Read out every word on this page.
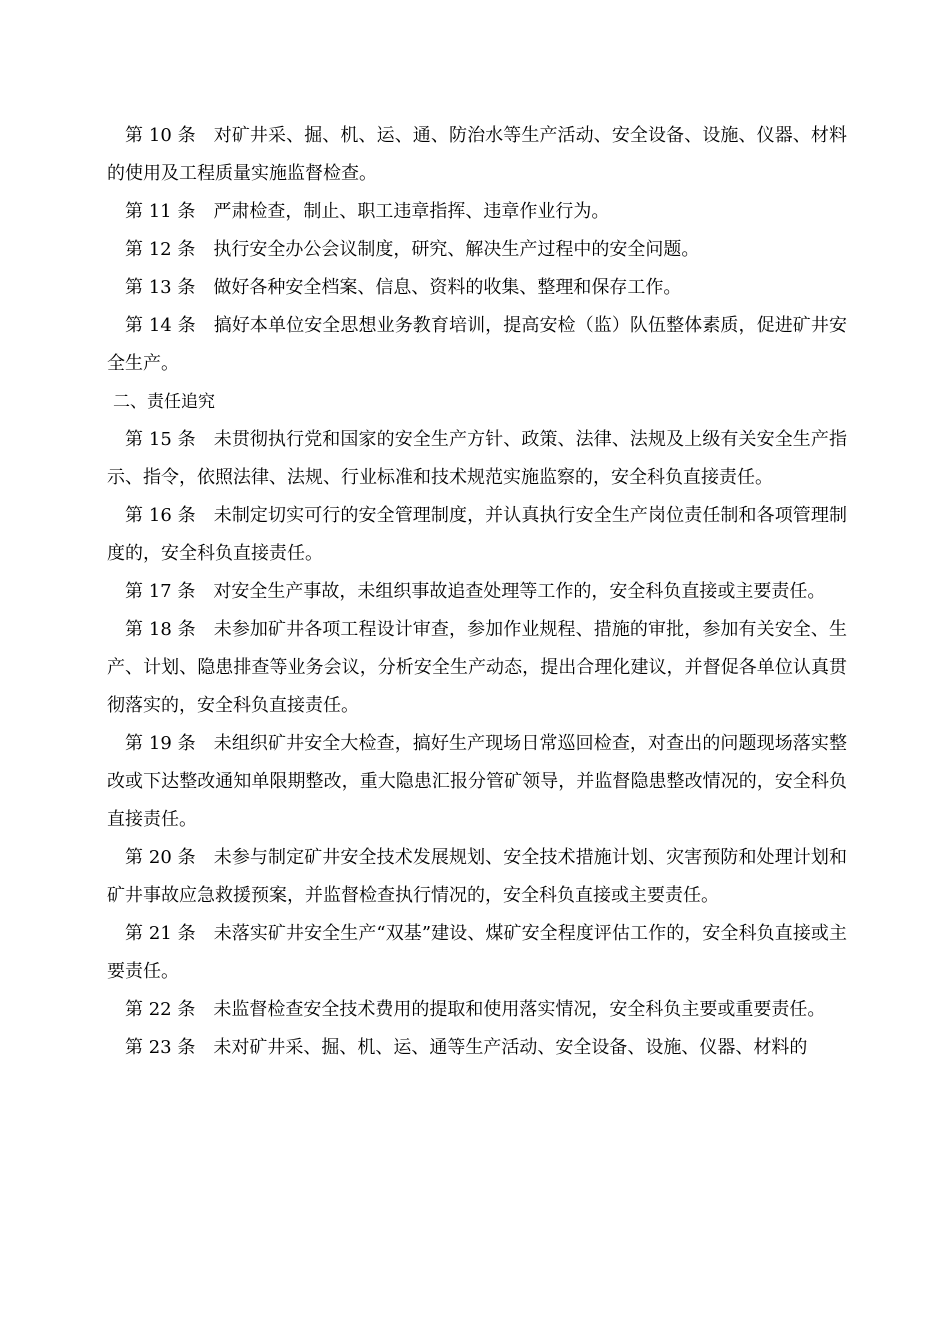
第 10 条 对矿井采、掘、机、运、通、防治水等生产活动、安全设备、设施、仪器、材料的使用及工程质量实施监督检查。

第 11 条 严肃检查，制止、职工违章指挥、违章作业行为。

第 12 条 执行安全办公会议制度，研究、解决生产过程中的安全问题。

第 13 条 做好各种安全档案、信息、资料的收集、整理和保存工作。

第 14 条 搞好本单位安全思想业务教育培训，提高安检（监）队伍整体素质，促进矿井安全生产。

二、责任追究

第 15 条 未贯彻执行党和国家的安全生产方针、政策、法律、法规及上级有关安全生产指示、指令，依照法律、法规、行业标准和技术规范实施监察的，安全科负直接责任。

第 16 条 未制定切实可行的安全管理制度，并认真执行安全生产岗位责任制和各项管理制度的，安全科负直接责任。

第 17 条 对安全生产事故，未组织事故追查处理等工作的，安全科负直接或主要责任。

第 18 条 未参加矿井各项工程设计审查，参加作业规程、措施的审批，参加有关安全、生产、计划、隐患排查等业务会议，分析安全生产动态，提出合理化建议，并督促各单位认真贯彻落实的，安全科负直接责任。

第 19 条 未组织矿井安全大检查，搞好生产现场日常巡回检查，对查出的问题现场落实整改或下达整改通知单限期整改，重大隐患汇报分管矿领导，并监督隐患整改情况的，安全科负直接责任。

第 20 条 未参与制定矿井安全技术发展规划、安全技术措施计划、灾害预防和处理计划和矿井事故应急救援预案，并监督检查执行情况的，安全科负直接或主要责任。

第 21 条 未落实矿井安全生产“双基”建设、煤矿安全程度评估工作的，安全科负直接或主要责任。

第 22 条 未监督检查安全技术费用的提取和使用落实情况，安全科负主要或重要责任。

第 23 条 未对矿井采、掘、机、运、通等生产活动、安全设备、设施、仪器、材料的
